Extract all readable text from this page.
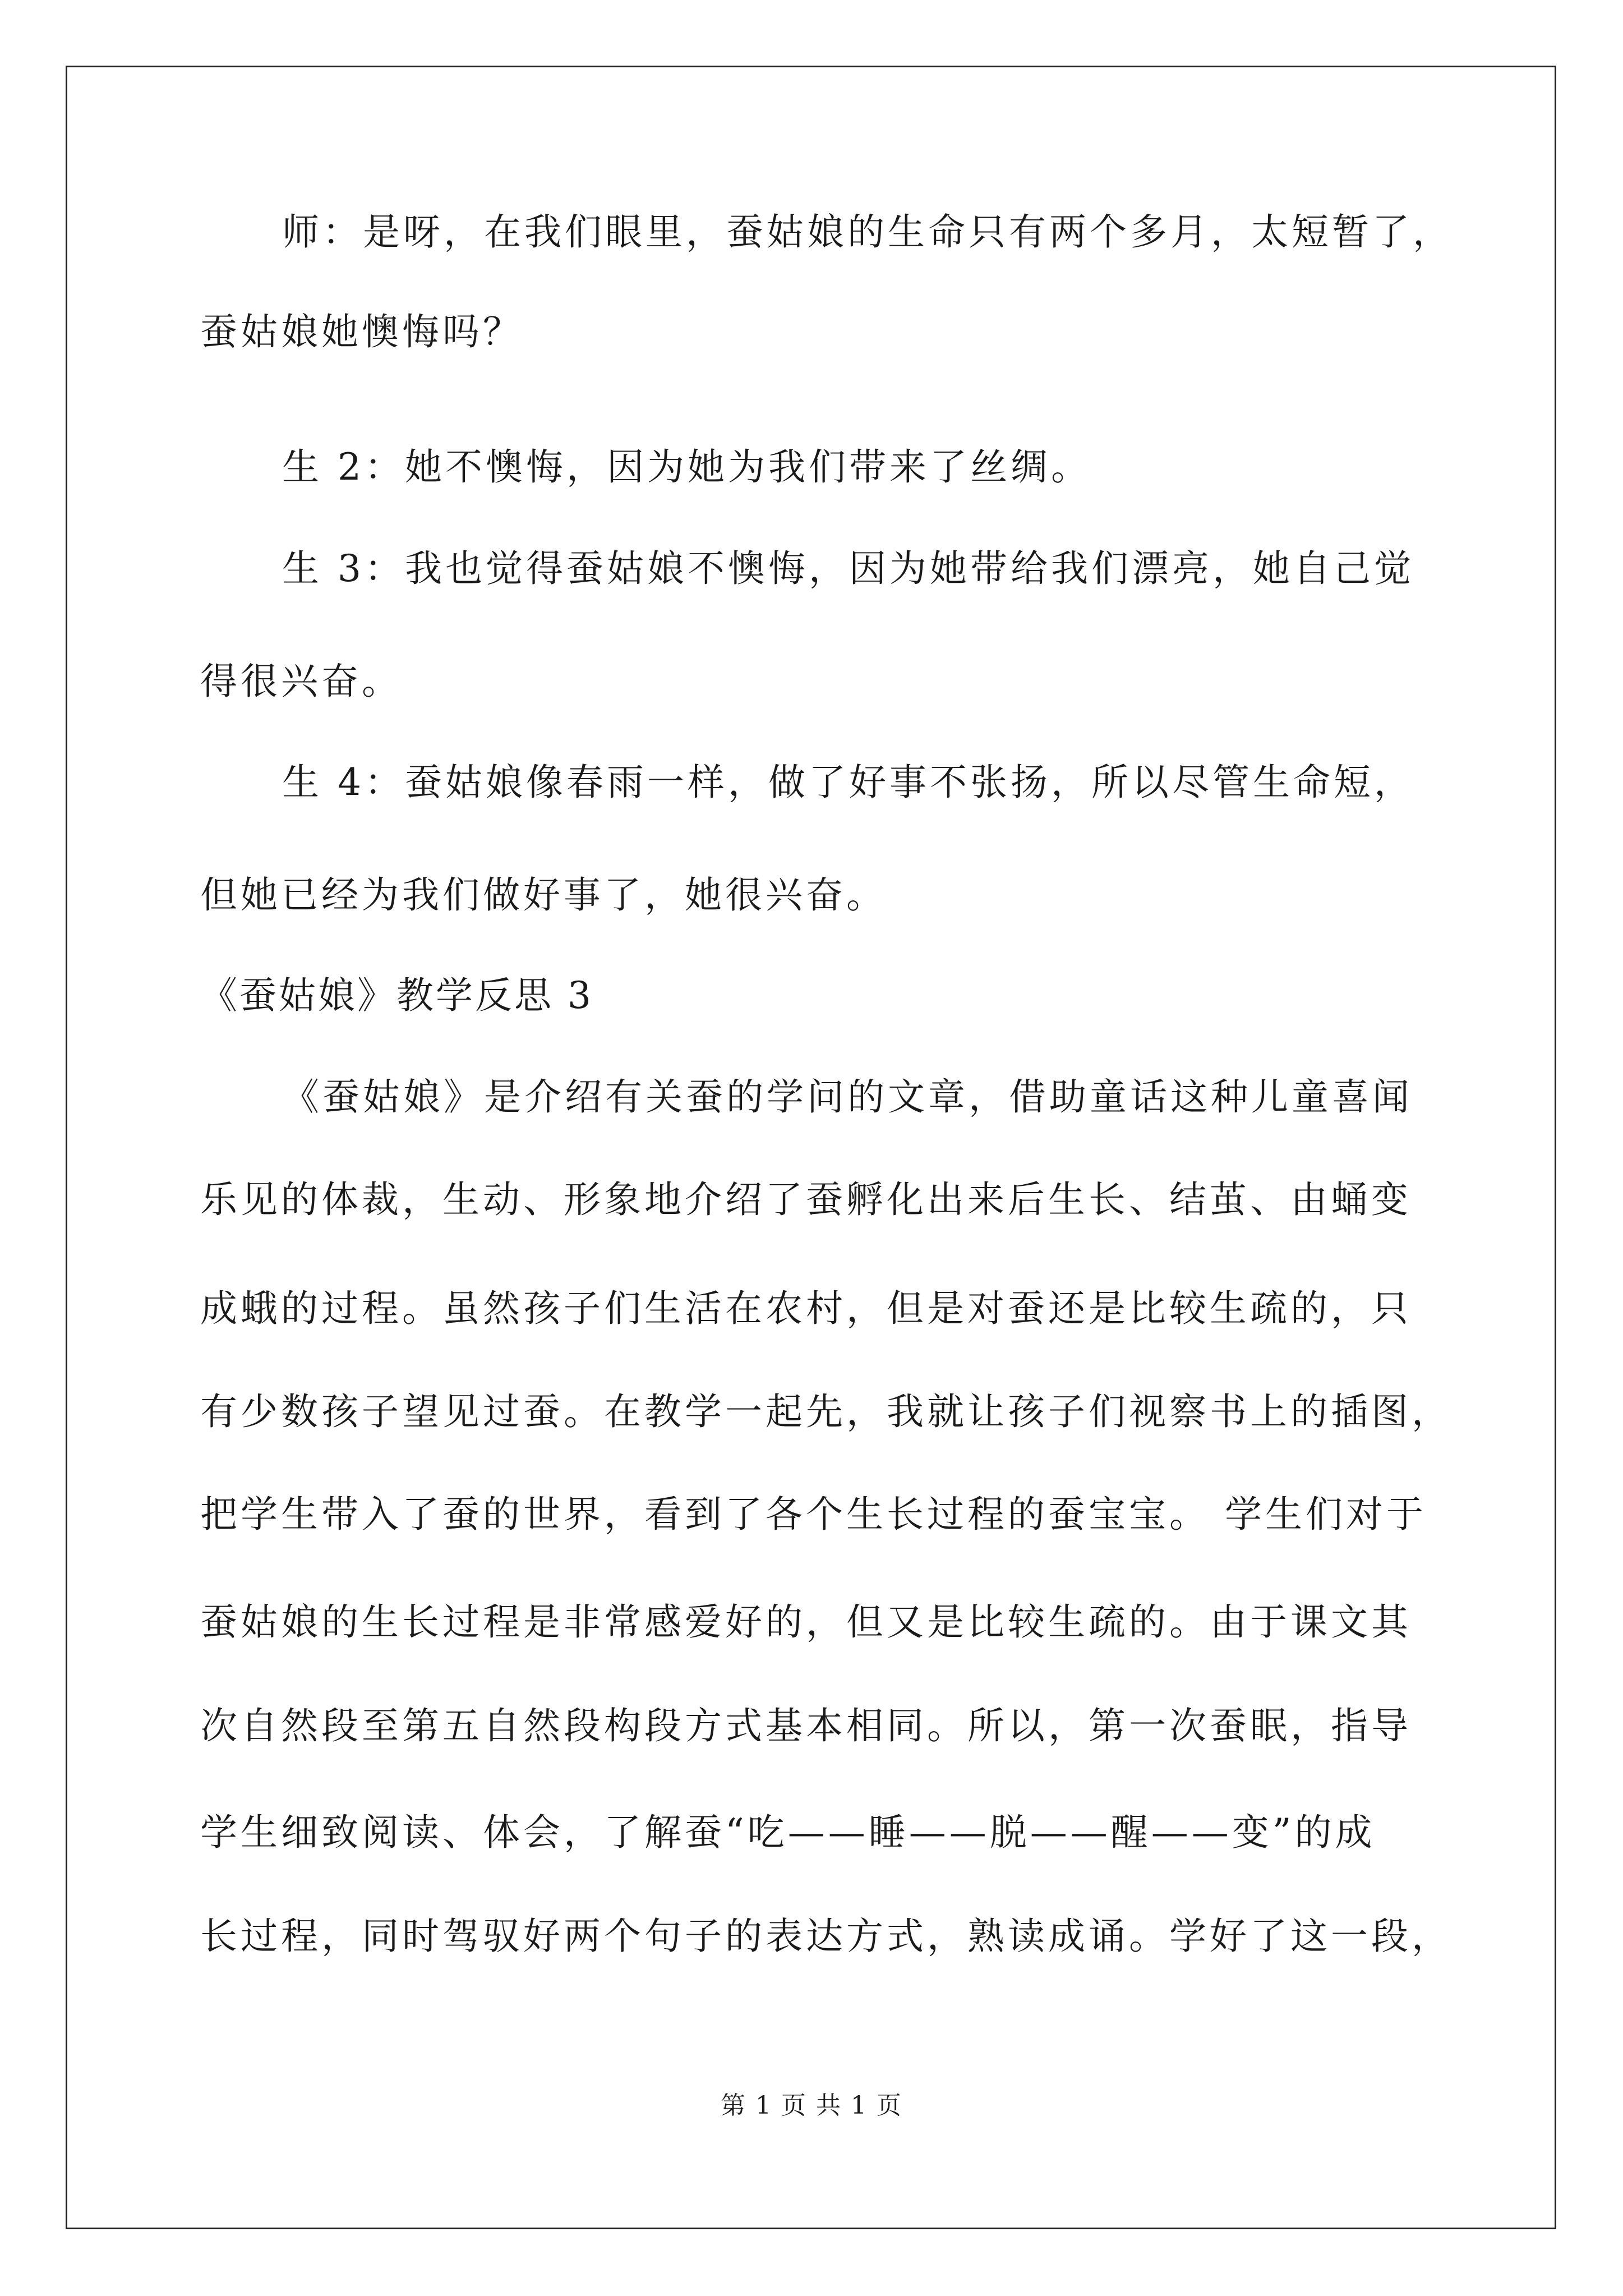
师：是呀，在我们眼里，蚕姑娘的生命只有两个多月，太短暂了，
蚕姑娘她懊悔吗？
生 2：她不懊悔，因为她为我们带来了丝绸。
生 3：我也觉得蚕姑娘不懊悔，因为她带给我们漂亮，她自己觉
得很兴奋。
生 4：蚕姑娘像春雨一样，做了好事不张扬，所以尽管生命短，
但她已经为我们做好事了，她很兴奋。
《蚕姑娘》教学反思 3
《蚕姑娘》是介绍有关蚕的学问的文章，借助童话这种儿童喜闻
乐见的体裁，生动、形象地介绍了蚕孵化出来后生长、结茧、由蛹变
成蛾的过程。虽然孩子们生活在农村，但是对蚕还是比较生疏的，只
有少数孩子望见过蚕。在教学一起先，我就让孩子们视察书上的插图，
把学生带入了蚕的世界，看到了各个生长过程的蚕宝宝。 学生们对于
蚕姑娘的生长过程是非常感爱好的，但又是比较生疏的。由于课文其
次自然段至第五自然段构段方式基本相同。所以，第一次蚕眠，指导
学生细致阅读、体会，了解蚕“吃——睡——脱——醒——变”的成
长过程，同时驾驭好两个句子的表达方式，熟读成诵。学好了这一段，
第 1 页 共 1 页
